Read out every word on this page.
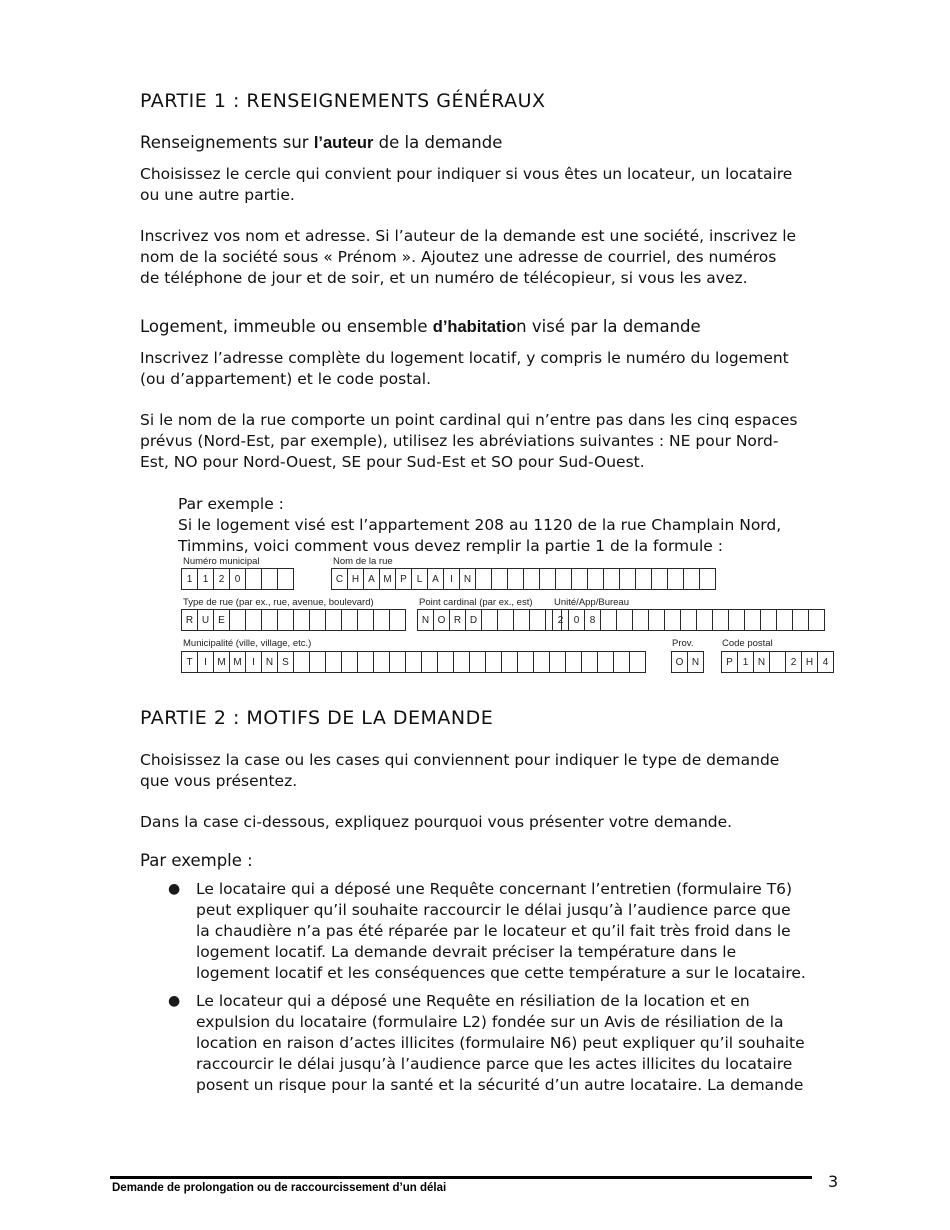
PARTIE 1 : RENSEIGNEMENTS GÉNÉRAUX
Renseignements sur l’auteur de la demande
Choisissez le cercle qui convient pour indiquer si vous êtes un locateur, un locataire
ou une autre partie.
Inscrivez vos nom et adresse. Si l’auteur de la demande est une société, inscrivez le
nom de la société sous « Prénom ». Ajoutez une adresse de courriel, des numéros
de téléphone de jour et de soir, et un numéro de télécopieur, si vous les avez.
Logement, immeuble ou ensemble d’habitation visé par la demande
Inscrivez l’adresse complète du logement locatif, y compris le numéro du logement
(ou d’appartement) et le code postal.
Si le nom de la rue comporte un point cardinal qui n’entre pas dans les cinq espaces
prévus (Nord-Est, par exemple), utilisez les abréviations suivantes : NE pour Nord-
Est, NO pour Nord-Ouest, SE pour Sud-Est et SO pour Sud-Ouest.
Par exemple :
Si le logement visé est l’appartement 208 au 1120 de la rue Champlain Nord,
Timmins, voici comment vous devez remplir la partie 1 de la formule :
Numéro municipal
1	1	2	0
Nom de la rue
C H A M P L A	I	N
Type de rue (par ex., rue, avenue, boulevard)
R U E
Point cardinal (par ex., est)
N O R D
Unité/App/Bureau
2	0	8
Municipalité (ville, village, etc.)
T	I	M M	I	N S
Prov.
O N
Code postal
P 1 N	2 H 4
PARTIE 2 : MOTIFS DE LA DEMANDE
Choisissez la case ou les cases qui conviennent pour indiquer le type de demande
que vous présentez.
Dans la case ci-dessous, expliquez pourquoi vous présenter votre demande.
Par exemple :
● Le locataire qui a déposé une Requête concernant l’entretien (formulaire T6)
peut expliquer qu’il souhaite raccourcir le délai jusqu’à l’audience parce que
la chaudière n’a pas été réparée par le locateur et qu’il fait très froid dans le
logement locatif. La demande devrait préciser la température dans le
logement locatif et les conséquences que cette température a sur le locataire.
● Le locateur qui a déposé une Requête en résiliation de la location et en
expulsion du locataire (formulaire L2) fondée sur un Avis de résiliation de la
location en raison d’actes illicites (formulaire N6) peut expliquer qu’il souhaite
raccourcir le délai jusqu’à l’audience parce que les actes illicites du locataire
posent un risque pour la santé et la sécurité d’un autre locataire. La demande
Demande de prolongation ou de raccourcissement d’un délai	3
